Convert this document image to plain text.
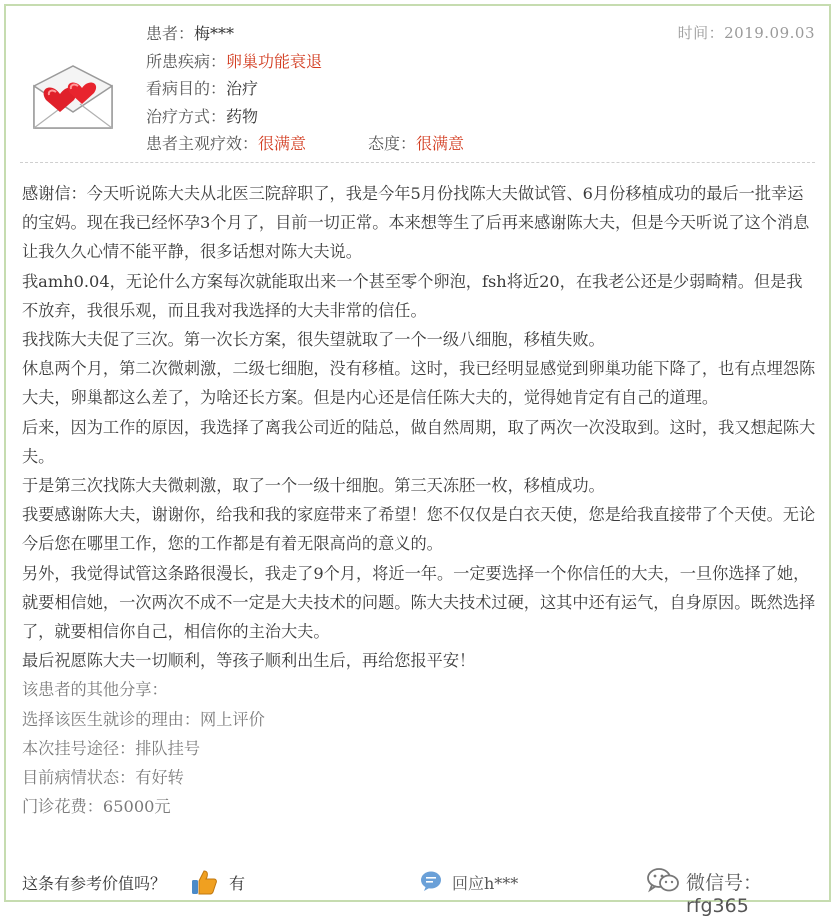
患者：梅***
所患疾病：卵巢功能衰退
看病目的：治疗
治疗方式：药物
患者主观疗效：很满意	态度：很满意
时间：2019.09.03

感谢信：今天听说陈大夫从北医三院辞职了，我是今年5月份找陈大夫做试管、6月份移植成功的最后一批幸运的宝妈。现在我已经怀孕3个月了，目前一切正常。本来想等生了后再来感谢陈大夫，但是今天听说了这个消息让我久久心情不能平静，很多话想对陈大夫说。

我amh0.04，无论什么方案每次就能取出来一个甚至零个卵泡，fsh将近20，在我老公还是少弱畸精。但是我不放弃，我很乐观，而且我对我选择的大夫非常的信任。

我找陈大夫促了三次。第一次长方案，很失望就取了一个一级八细胞，移植失败。

休息两个月，第二次微刺激，二级七细胞，没有移植。这时，我已经明显感觉到卵巢功能下降了，也有点埋怨陈大夫，卵巢都这么差了，为啥还长方案。但是内心还是信任陈大夫的，觉得她肯定有自己的道理。

后来，因为工作的原因，我选择了离我公司近的陆总，做自然周期，取了两次一次没取到。这时，我又想起陈大夫。

于是第三次找陈大夫微刺激，取了一个一级十细胞。第三天冻胚一枚，移植成功。

我要感谢陈大夫，谢谢你，给我和我的家庭带来了希望！您不仅仅是白衣天使，您是给我直接带了个天使。无论今后您在哪里工作，您的工作都是有着无限高尚的意义的。

另外，我觉得试管这条路很漫长，我走了9个月，将近一年。一定要选择一个你信任的大夫，一旦你选择了她，就要相信她，一次两次不成不一定是大夫技术的问题。陈大夫技术过硬，这其中还有运气，自身原因。既然选择了，就要相信你自己，相信你的主治大夫。

最后祝愿陈大夫一切顺利，等孩子顺利出生后，再给您报平安！

该患者的其他分享：

选择该医生就诊的理由：网上评价

本次挂号途径：排队挂号

目前病情状态：有好转

门诊花费：65000元

这条有参考价值吗？	有	回应h***	微信号：rfg365
